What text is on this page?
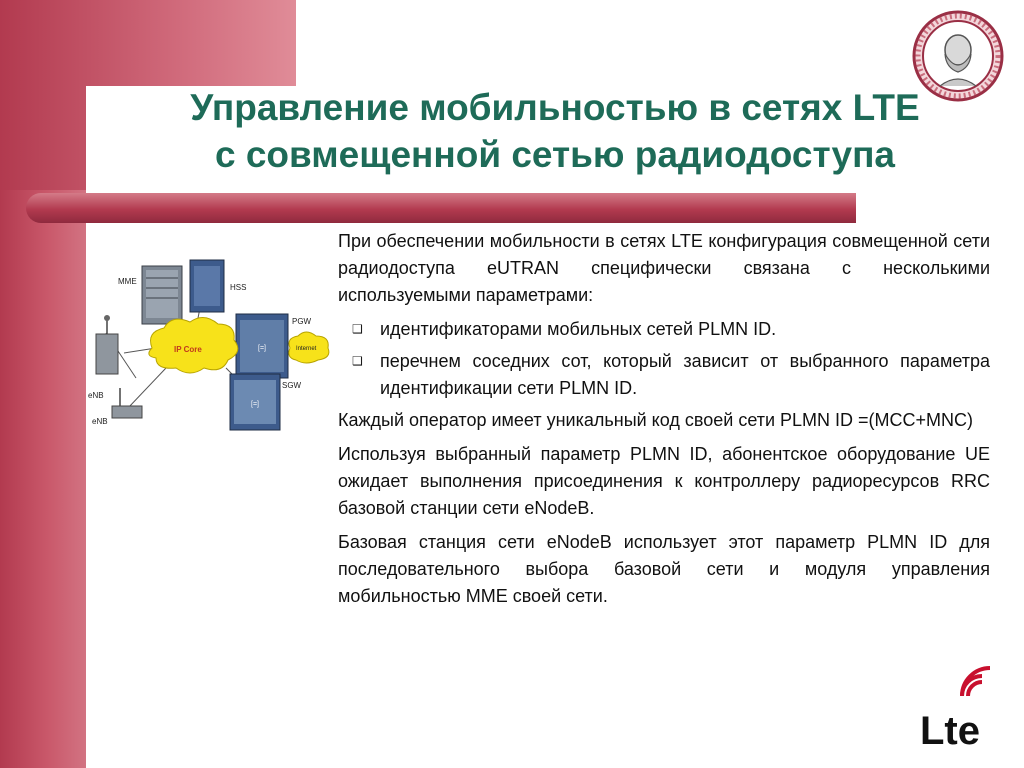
Управление мобильностью в сетях LTE
с совмещенной сетью радиодоступа
[=]
[=]
MME
HSS
PGW
IP Core	Internet
SGW
eNB
eNB

При обеспечении мобильности в сетях LTE конфигурация совмещенной сети радиодоступа eUTRAN специфически связана с несколькими используемыми параметрами:

❑ идентификаторами мобильных сетей PLMN ID.
❑ перечнем соседних сот, который зависит от выбранного параметра идентификации сети PLMN ID.

Каждый оператор имеет уникальный код своей сети PLMN ID =(MCC+MNC)

Используя выбранный параметр PLMN ID, абонентское оборудование UE ожидает выполнения присоединения к контроллеру радиоресурсов RRC базовой станции сети eNodeB.

Базовая станция сети eNodeB использует этот параметр PLMN ID для последовательного выбора базовой сети и модуля управления мобильностью MME своей сети.

Lte
